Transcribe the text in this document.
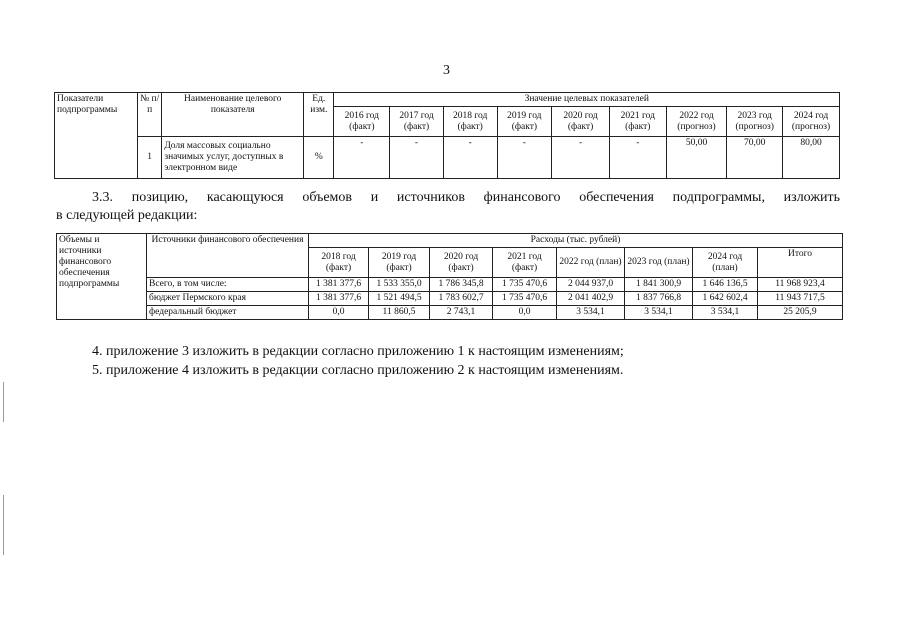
3
Показатели подпрограммы	№ п/п	Наименование целевого показателя	Ед. изм.	Значение целевых показателей								
				2016 год (факт)	2017 год (факт)	2018 год (факт)	2019 год (факт)	2020 год (факт)	2021 год (факт)	2022 год (прогноз)	2023 год (прогноз)	2024 год (прогноз)
	1	Доля массовых социально значимых услуг, доступных в электронном виде	%	-	-	-	-	-	-	50,00	70,00	80,00
3.3. позицию, касающуюся объемов и источников финансового обеспечения подпрограммы, изложить
в следующей редакции:
Объемы и источники финансового обеспечения подпрограммы	Источники финансового обеспечения	Расходы (тыс. рублей)							
		2018 год (факт)	2019 год (факт)	2020 год (факт)	2021 год (факт)	2022 год (план)	2023 год (план)	2024 год (план)	Итого
	Всего, в том числе:	1 381 377,6	1 533 355,0	1 786 345,8	1 735 470,6	2 044 937,0	1 841 300,9	1 646 136,5	11 968 923,4
	бюджет Пермского края	1 381 377,6	1 521 494,5	1 783 602,7	1 735 470,6	2 041 402,9	1 837 766,8	1 642 602,4	11 943 717,5
	федеральный бюджет	0,0	11 860,5	2 743,1	0,0	3 534,1	3 534,1	3 534,1	25 205,9
4. приложение 3 изложить в редакции согласно приложению 1 к настоящим изменениям;
5. приложение 4 изложить в редакции согласно приложению 2 к настоящим изменениям.
